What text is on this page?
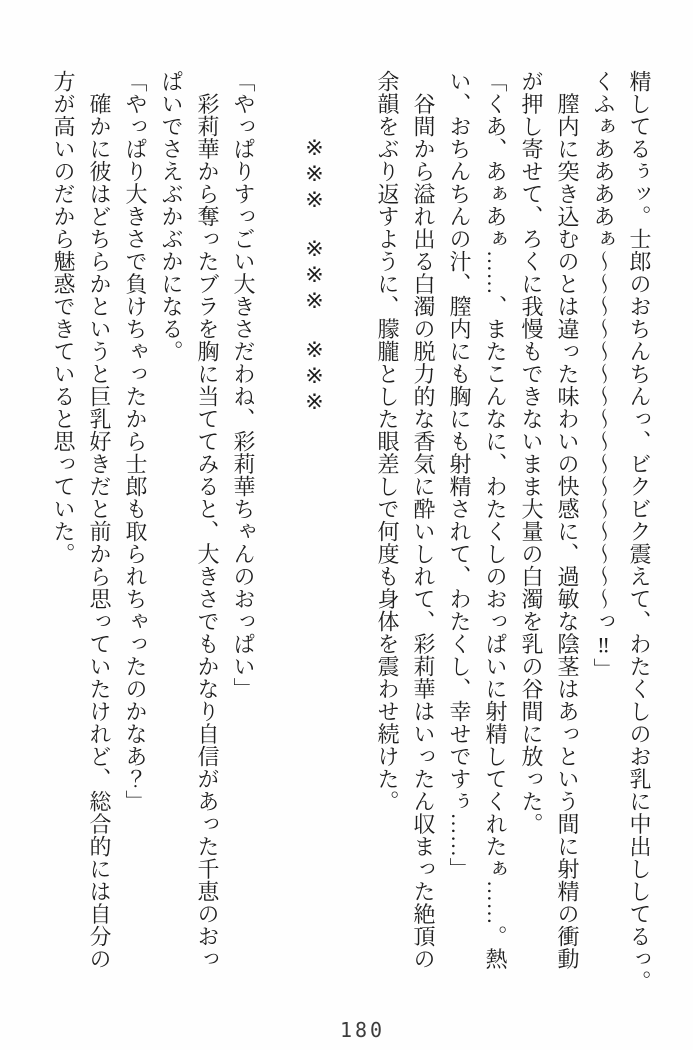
精してるぅッ。士郎のおちんちんっ、ビクビク震えて、わたくしのお乳に中出ししてるっ。
くふぁああああぁ〜〜〜〜〜〜〜〜〜〜〜〜〜〜〜〜っ‼」
　膣内に突き込むのとは違った味わいの快感に、過敏な陰茎はあっという間に射精の衝動
が押し寄せて、ろくに我慢もできないまま大量の白濁を乳の谷間に放った。
「くあ、あぁあぁ……、またこんなに、わたくしのおっぱいに射精してくれたぁ……。熱
い、おちんちんの汁、膣内にも胸にも射精されて、わたくし、幸せですぅ……」
　谷間から溢れ出る白濁の脱力的な香気に酔いしれて、彩莉華はいったん収まった絶頂の
余韻をぶり返すように、朦朧とした眼差しで何度も身体を震わせ続けた。
※※※　※※※　※※※
「やっぱりすっごい大きさだわね、彩莉華ちゃんのおっぱい」
　彩莉華から奪ったブラを胸に当ててみると、大きさでもかなり自信があった千恵のおっ
ぱいでさえぶかぶかになる。
「やっぱり大きさで負けちゃったから士郎も取られちゃったのかなあ？」
　確かに彼はどちらかというと巨乳好きだと前から思っていたけれど、総合的には自分の
方が高いのだから魅惑できていると思っていた。
180
